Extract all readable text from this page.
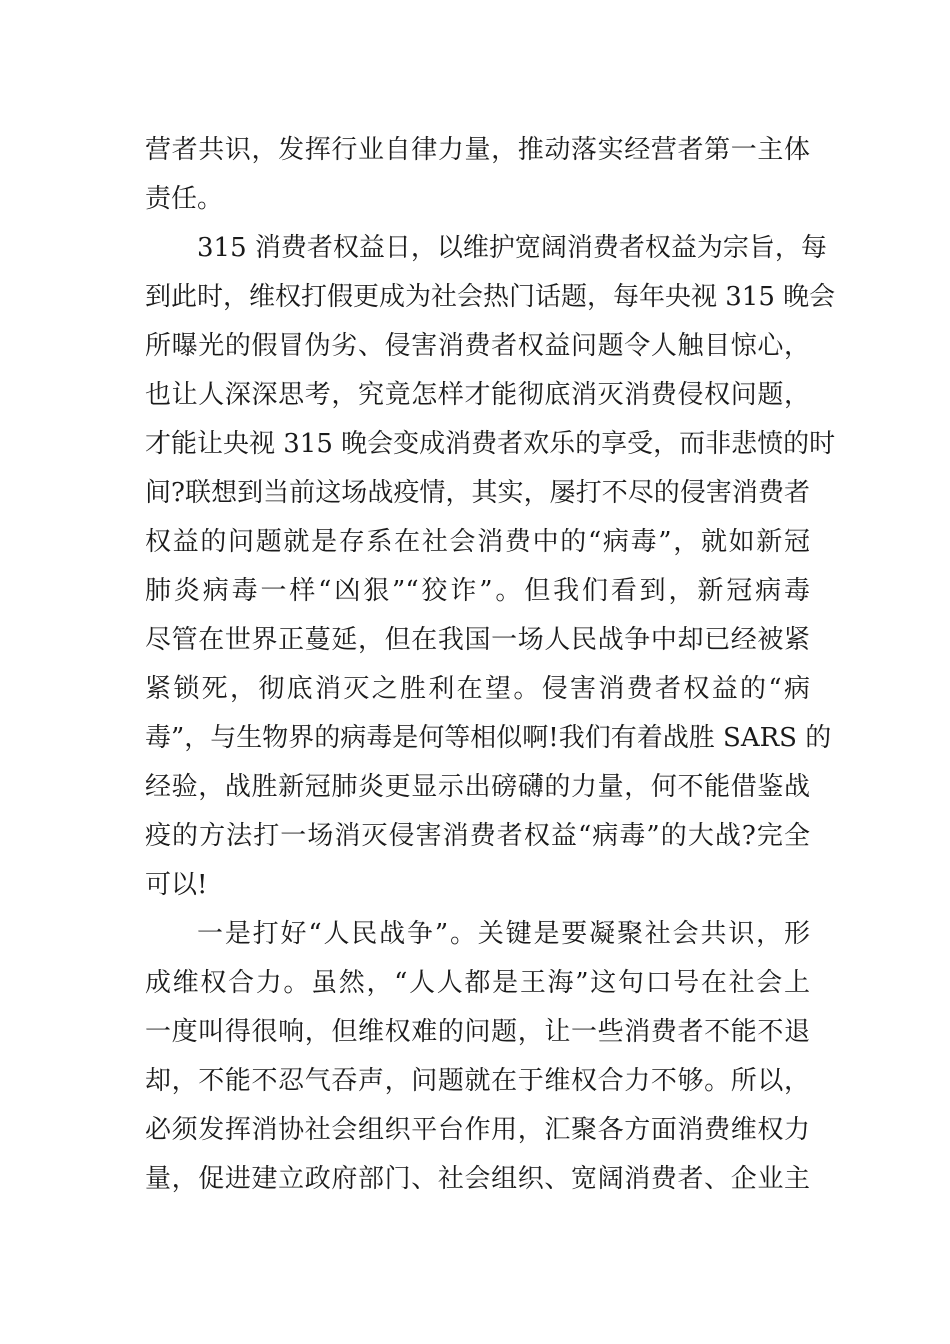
营者共识，发挥行业自律力量，推动落实经营者第一主体
责任。
315 消费者权益日，以维护宽阔消费者权益为宗旨，每
到此时，维权打假更成为社会热门话题，每年央视 315 晚会
所曝光的假冒伪劣、侵害消费者权益问题令人触目惊心，
也让人深深思考，究竟怎样才能彻底消灭消费侵权问题，
才能让央视 315 晚会变成消费者欢乐的享受，而非悲愤的时
间?联想到当前这场战疫情，其实，屡打不尽的侵害消费者
权益的问题就是存系在社会消费中的“病毒”，就如新冠
肺炎病毒一样“凶狠”“狡诈”。但我们看到，新冠病毒
尽管在世界正蔓延，但在我国一场人民战争中却已经被紧
紧锁死，彻底消灭之胜利在望。侵害消费者权益的“病
毒”，与生物界的病毒是何等相似啊!我们有着战胜 SARS 的
经验，战胜新冠肺炎更显示出磅礴的力量，何不能借鉴战
疫的方法打一场消灭侵害消费者权益“病毒”的大战?完全
可以!
一是打好“人民战争”。关键是要凝聚社会共识，形
成维权合力。虽然，“人人都是王海”这句口号在社会上
一度叫得很响，但维权难的问题，让一些消费者不能不退
却，不能不忍气吞声，问题就在于维权合力不够。所以，
必须发挥消协社会组织平台作用，汇聚各方面消费维权力
量，促进建立政府部门、社会组织、宽阔消费者、企业主
